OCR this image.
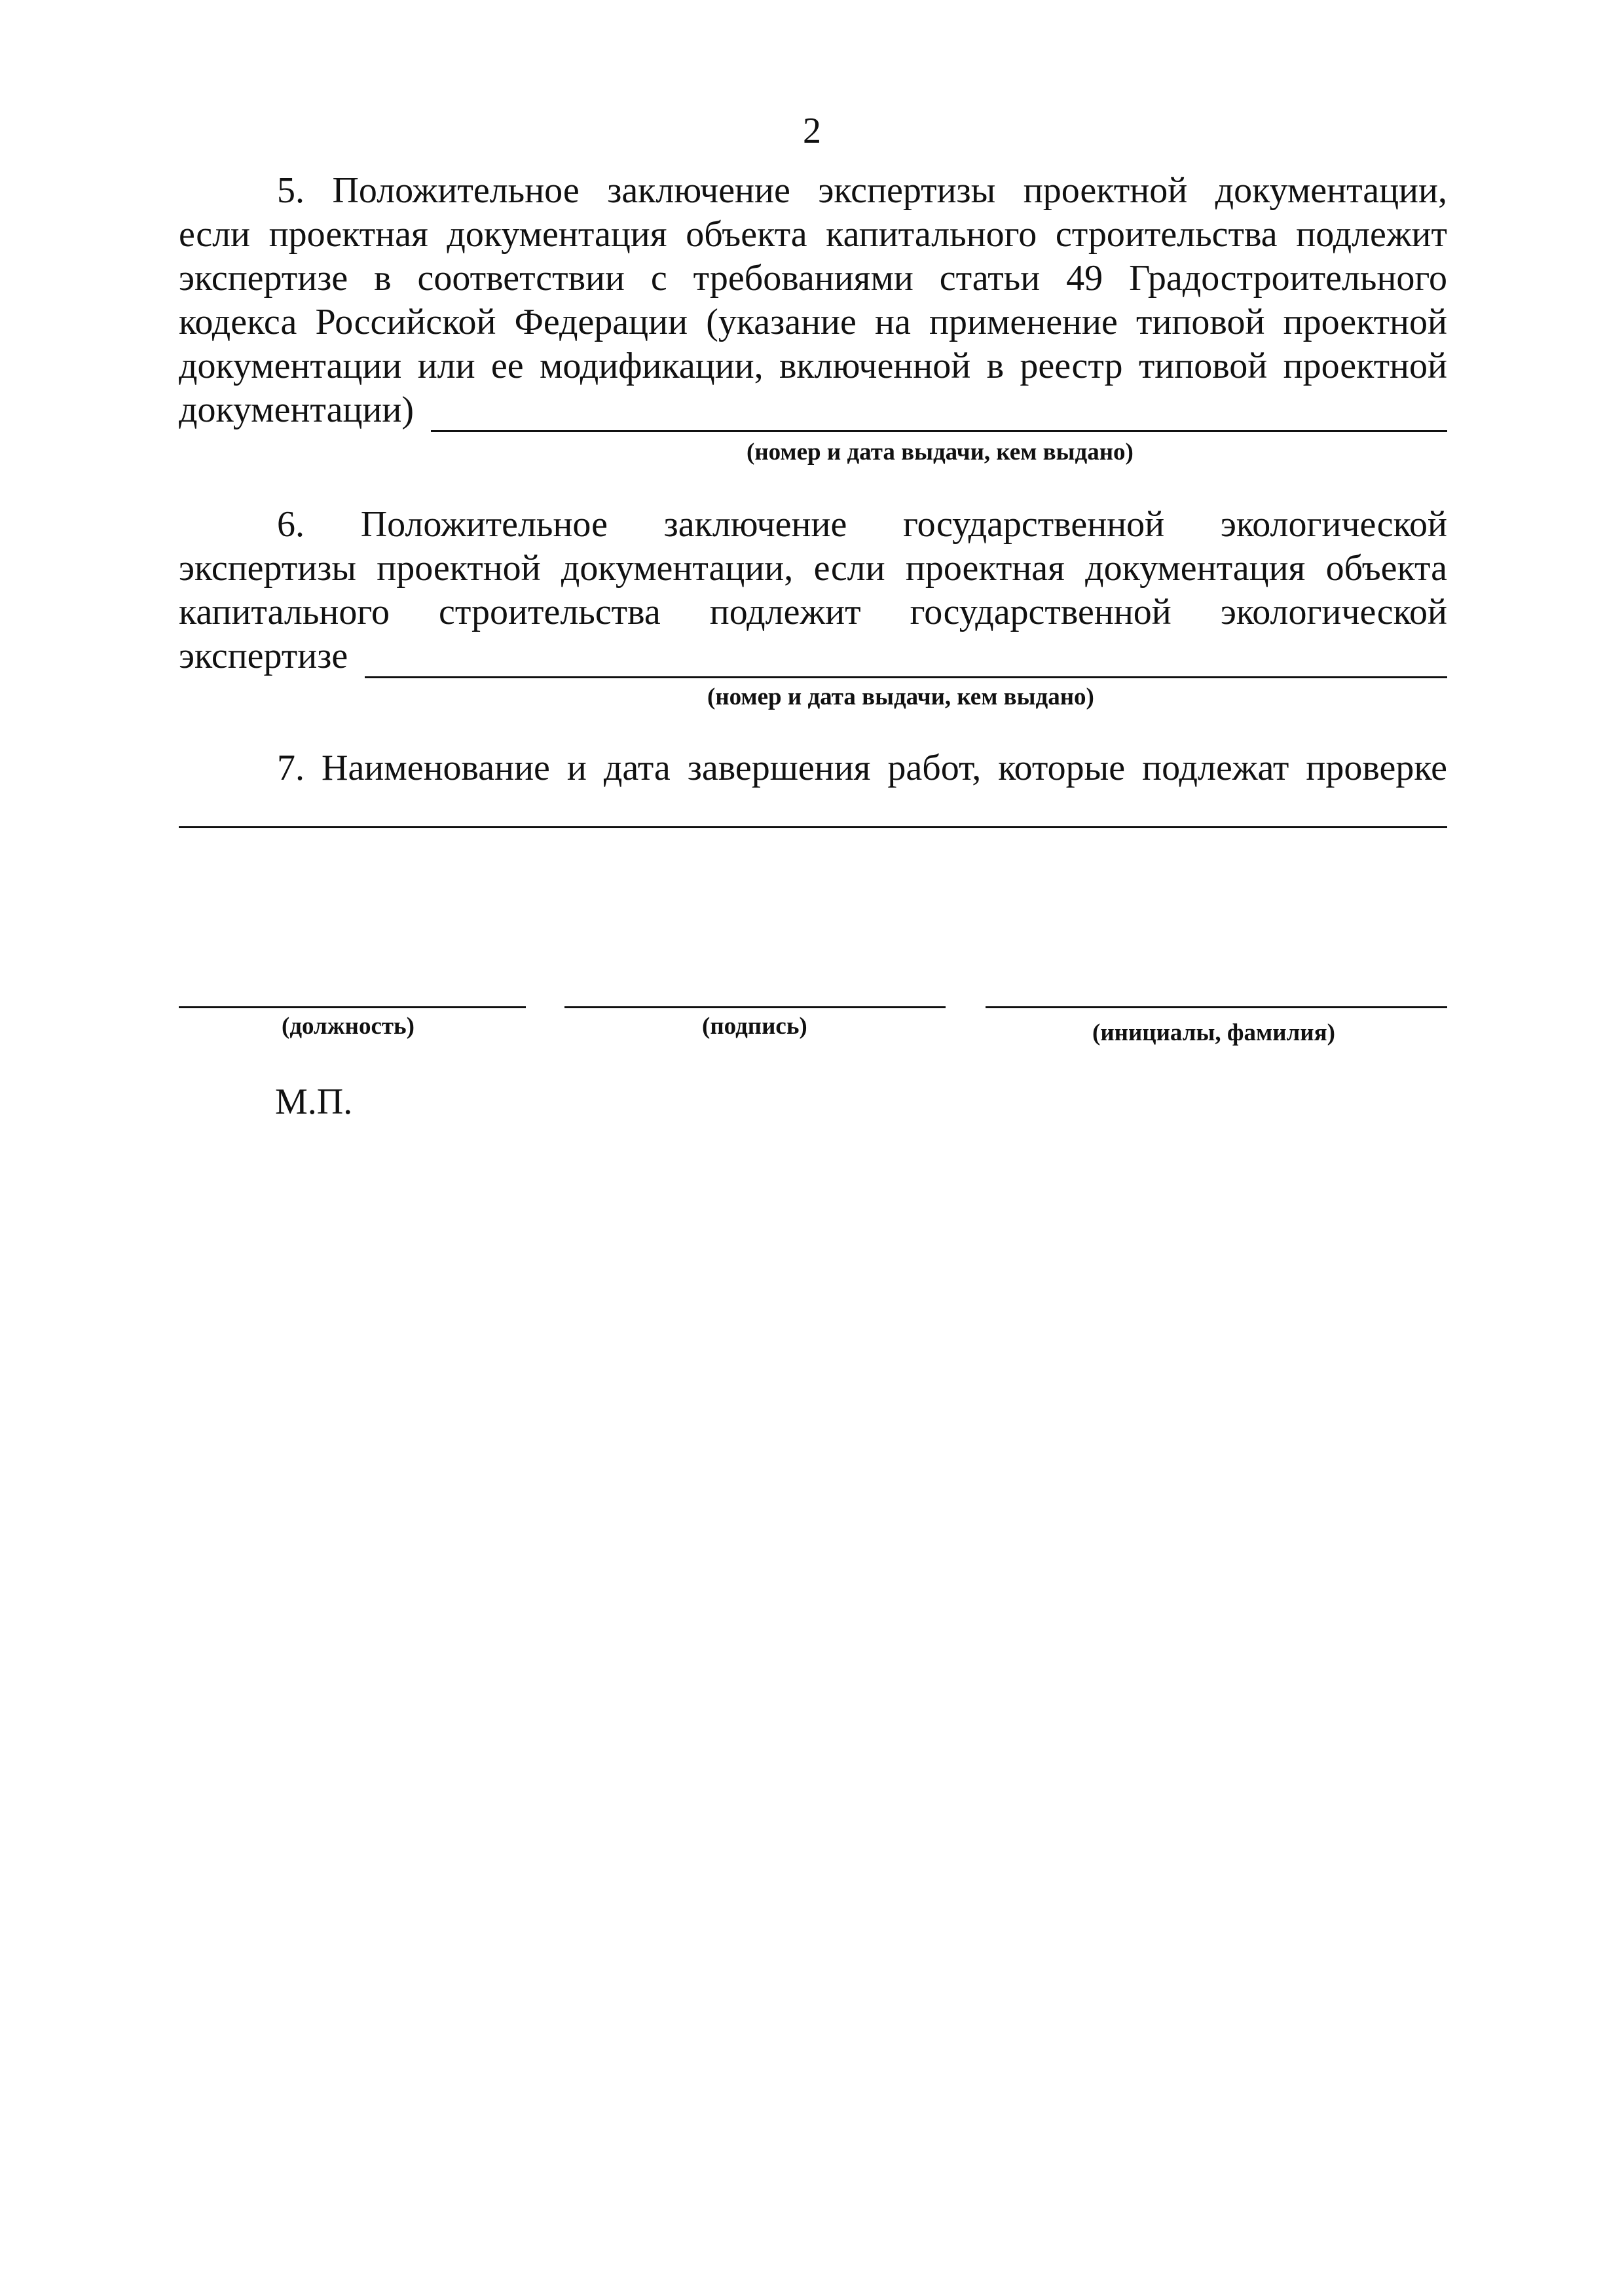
2
5. Положительное заключение экспертизы проектной документации,
если проектная документация объекта капитального строительства подлежит
экспертизе в соответствии с требованиями статьи 49 Градостроительного
кодекса Российской Федерации (указание на применение типовой проектной
документации или ее модификации, включенной в реестр типовой проектной
документации)
(номер и дата выдачи, кем выдано)
6. Положительное заключение государственной экологической
экспертизы проектной документации, если проектная документация объекта
капитального строительства подлежит государственной экологической
экспертизе
(номер и дата выдачи, кем выдано)
7. Наименование и дата завершения работ, которые подлежат проверке
(должность)	(подпись)	(инициалы, фамилия)
М.П.
